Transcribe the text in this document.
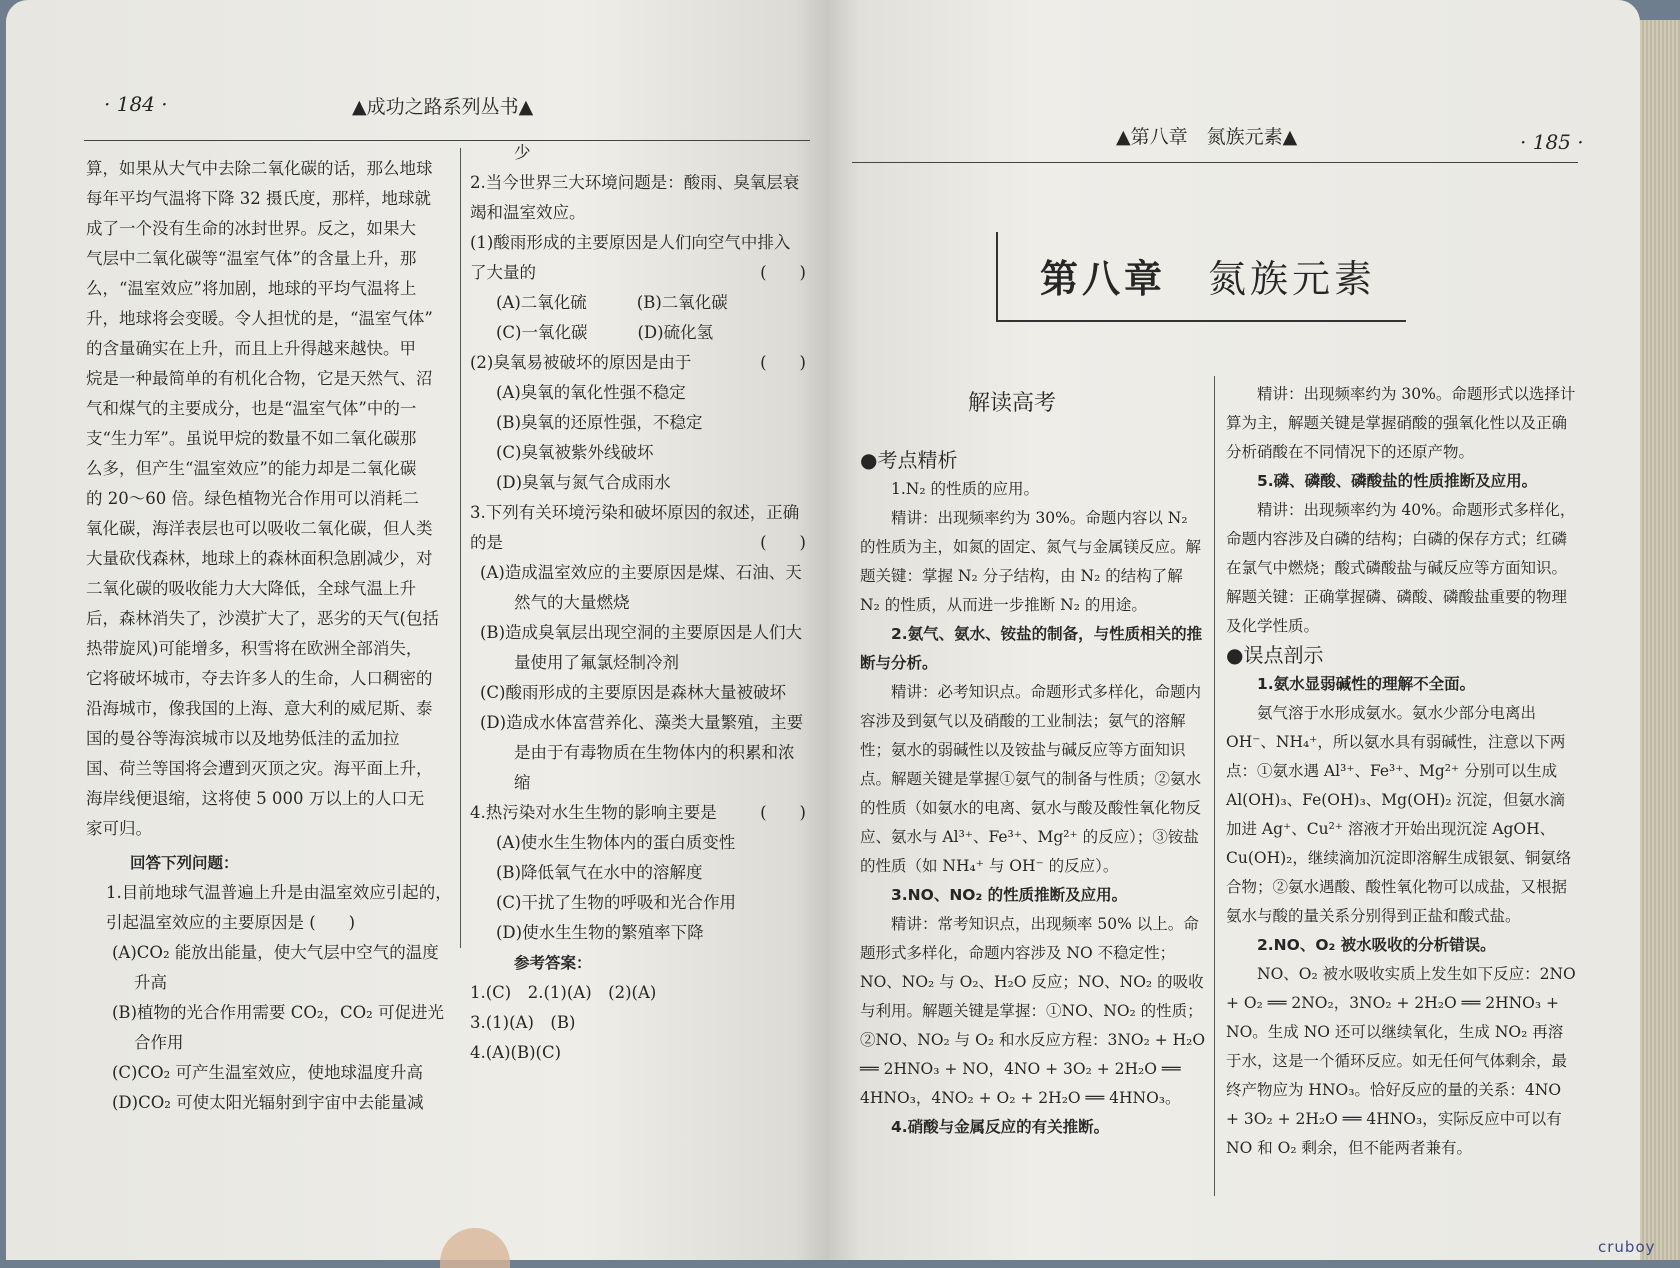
· 184 ·	▲成功之路系列丛书▲

算，如果从大气中去除二氧化碳的话，那么地球

每年平均气温将下降 32 摄氏度，那样，地球就

成了一个没有生命的冰封世界。反之，如果大

气层中二氧化碳等“温室气体”的含量上升，那

么，“温室效应”将加剧，地球的平均气温将上

升，地球将会变暖。令人担忧的是，“温室气体”

的含量确实在上升，而且上升得越来越快。甲

烷是一种最简单的有机化合物，它是天然气、沼

气和煤气的主要成分，也是“温室气体”中的一

支“生力军”。虽说甲烷的数量不如二氧化碳那

么多，但产生“温室效应”的能力却是二氧化碳

的 20～60 倍。绿色植物光合作用可以消耗二

氧化碳，海洋表层也可以吸收二氧化碳，但人类

大量砍伐森林，地球上的森林面积急剧减少，对

二氧化碳的吸收能力大大降低，全球气温上升

后，森林消失了，沙漠扩大了，恶劣的天气(包括

热带旋风)可能增多，积雪将在欧洲全部消失，

它将破坏城市，夺去许多人的生命，人口稠密的

沿海城市，像我国的上海、意大利的威尼斯、泰

国的曼谷等海滨城市以及地势低洼的孟加拉

国、荷兰等国将会遭到灭顶之灾。海平面上升，

海岸线便退缩，这将使 5 000 万以上的人口无

家可归。

回答下列问题：

1.目前地球气温普遍上升是由温室效应引起的，引起温室效应的主要原因是 (　　)

(A)CO₂ 能放出能量，使大气层中空气的温度升高

(B)植物的光合作用需要 CO₂，CO₂ 可促进光合作用

(C)CO₂ 可产生温室效应，使地球温度升高

(D)CO₂ 可使太阳光辐射到宇宙中去能量减

少

2.当今世界三大环境问题是：酸雨、臭氧层衰竭和温室效应。

(1)酸雨形成的主要原因是人们向空气中排入了大量的	(　　)

(A)二氧化硫	(B)二氧化碳

(C)一氧化碳	(D)硫化氢

(2)臭氧易被破坏的原因是由于	(　　)

(A)臭氧的氧化性强不稳定

(B)臭氧的还原性强，不稳定

(C)臭氧被紫外线破坏

(D)臭氧与氮气合成雨水

3.下列有关环境污染和破坏原因的叙述，正确的是	(　　)

(A)造成温室效应的主要原因是煤、石油、天然气的大量燃烧

(B)造成臭氧层出现空洞的主要原因是人们大量使用了氟氯烃制冷剂

(C)酸雨形成的主要原因是森林大量被破坏

(D)造成水体富营养化、藻类大量繁殖，主要是由于有毒物质在生物体内的积累和浓缩

4.热污染对水生生物的影响主要是	(　　)

(A)使水生生物体内的蛋白质变性

(B)降低氧气在水中的溶解度

(C)干扰了生物的呼吸和光合作用

(D)使水生生物的繁殖率下降

参考答案：

1.(C)　2.(1)(A)　(2)(A)

3.(1)(A)　(B)

4.(A)(B)(C)

▲第八章　氮族元素▲	· 185 ·
第八章　 氮族元素
解读高考

●考点精析

1.N₂ 的性质的应用。

精讲：出现频率约为 30%。命题内容以 N₂ 的性质为主，如氮的固定、氮气与金属镁反应。解题关键：掌握 N₂ 分子结构，由 N₂ 的结构了解 N₂ 的性质，从而进一步推断 N₂ 的用途。

2.氨气、氨水、铵盐的制备，与性质相关的推断与分析。

精讲：必考知识点。命题形式多样化，命题内容涉及到氨气以及硝酸的工业制法；氨气的溶解性；氨水的弱碱性以及铵盐与碱反应等方面知识点。解题关键是掌握①氨气的制备与性质；②氨水的性质（如氨水的电离、氨水与酸及酸性氧化物反应、氨水与 Al³⁺、Fe³⁺、Mg²⁺ 的反应）；③铵盐的性质（如 NH₄⁺ 与 OH⁻ 的反应）。

3.NO、NO₂ 的性质推断及应用。

精讲：常考知识点，出现频率 50% 以上。命题形式多样化，命题内容涉及 NO 不稳定性；NO、NO₂ 与 O₂、H₂O 反应；NO、NO₂ 的吸收与利用。解题关键是掌握：①NO、NO₂ 的性质；②NO、NO₂ 与 O₂ 和水反应方程：3NO₂ + H₂O ══ 2HNO₃ + NO，4NO + 3O₂ + 2H₂O ══ 4HNO₃，4NO₂ + O₂ + 2H₂O ══ 4HNO₃。

4.硝酸与金属反应的有关推断。

精讲：出现频率约为 30%。命题形式以选择计算为主，解题关键是掌握硝酸的强氧化性以及正确分析硝酸在不同情况下的还原产物。

5.磷、磷酸、磷酸盐的性质推断及应用。

精讲：出现频率约为 40%。命题形式多样化，命题内容涉及白磷的结构；白磷的保存方式；红磷在氯气中燃烧；酸式磷酸盐与碱反应等方面知识。解题关键：正确掌握磷、磷酸、磷酸盐重要的物理及化学性质。

●误点剖示

1.氨水显弱碱性的理解不全面。

氨气溶于水形成氨水。氨水少部分电离出 OH⁻、NH₄⁺，所以氨水具有弱碱性，注意以下两点：①氨水遇 Al³⁺、Fe³⁺、Mg²⁺ 分别可以生成 Al(OH)₃、Fe(OH)₃、Mg(OH)₂ 沉淀，但氨水滴加进 Ag⁺、Cu²⁺ 溶液才开始出现沉淀 AgOH、Cu(OH)₂，继续滴加沉淀即溶解生成银氨、铜氨络合物；②氨水遇酸、酸性氧化物可以成盐，又根据氨水与酸的量关系分别得到正盐和酸式盐。

2.NO、O₂ 被水吸收的分析错误。

NO、O₂ 被水吸收实质上发生如下反应：2NO + O₂ ══ 2NO₂，3NO₂ + 2H₂O ══ 2HNO₃ + NO。生成 NO 还可以继续氧化，生成 NO₂ 再溶于水，这是一个循环反应。如无任何气体剩余，最终产物应为 HNO₃。恰好反应的量的关系：4NO + 3O₂ + 2H₂O ══ 4HNO₃，实际反应中可以有 NO 和 O₂ 剩余，但不能两者兼有。

cruboy
